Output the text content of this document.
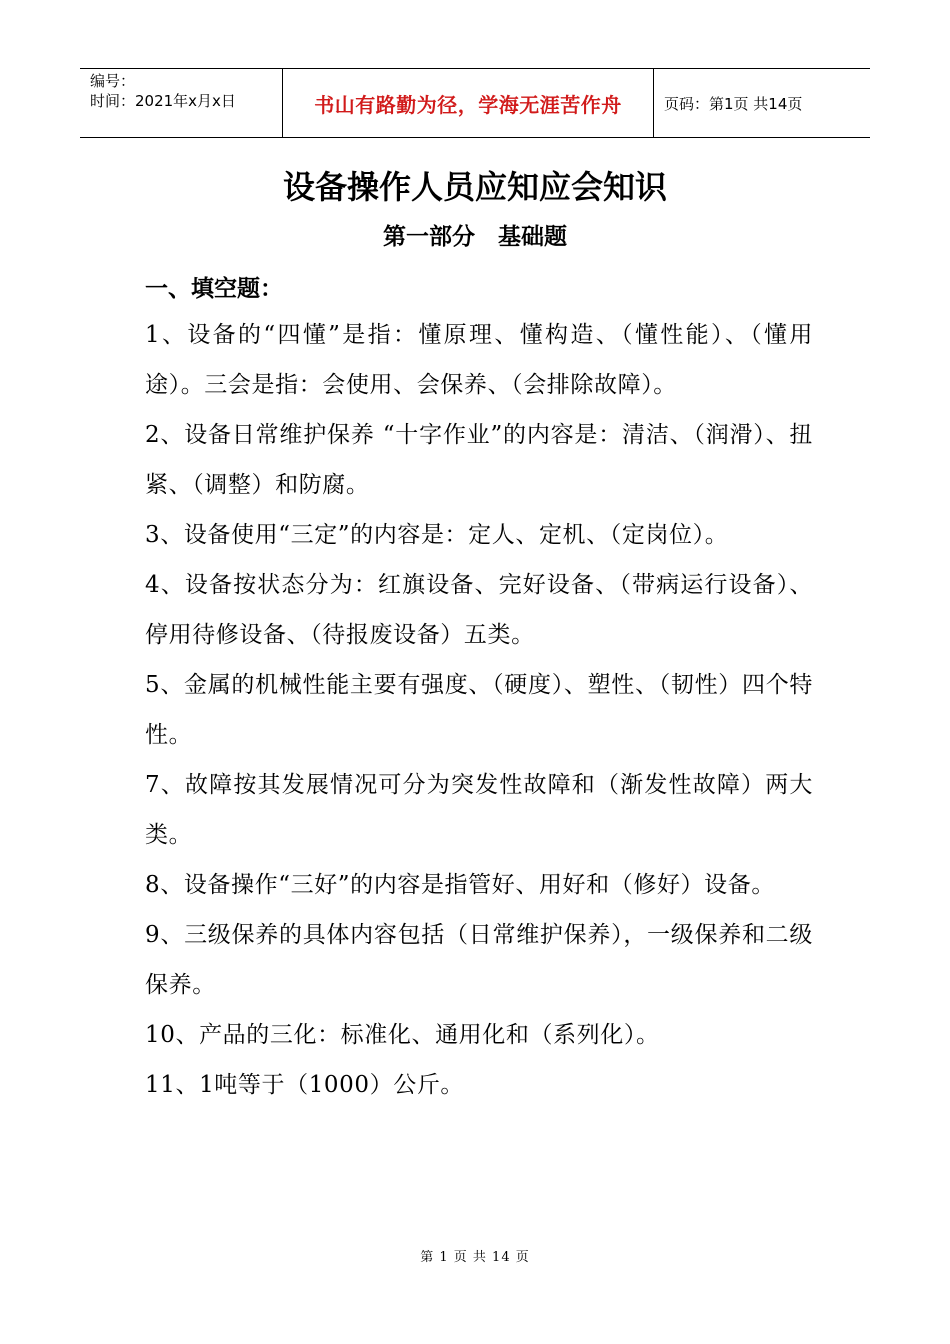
编号：
时间：2021年x月x日	书山有路勤为径，学海无涯苦作舟	页码：第1页 共14页
设备操作人员应知应会知识
第一部分　基础题
一、填空题：

1、设备的“四懂”是指：懂原理、懂构造、（懂性能）、（懂用途）。三会是指：会使用、会保养、（会排除故障）。

2、设备日常维护保养 “十字作业”的内容是：清洁、（润滑）、扭紧、（调整）和防腐。

3、设备使用“三定”的内容是：定人、定机、（定岗位）。

4、设备按状态分为：红旗设备、完好设备、（带病运行设备）、停用待修设备、（待报废设备）五类。

5、金属的机械性能主要有强度、（硬度）、塑性、（韧性）四个特性。

7、故障按其发展情况可分为突发性故障和（渐发性故障）两大类。

8、设备操作“三好”的内容是指管好、用好和（修好）设备。

9、三级保养的具体内容包括（日常维护保养），一级保养和二级保养。

10、产品的三化：标准化、通用化和（系列化）。

11、1吨等于（1000）公斤。

第 1 页 共 14 页
